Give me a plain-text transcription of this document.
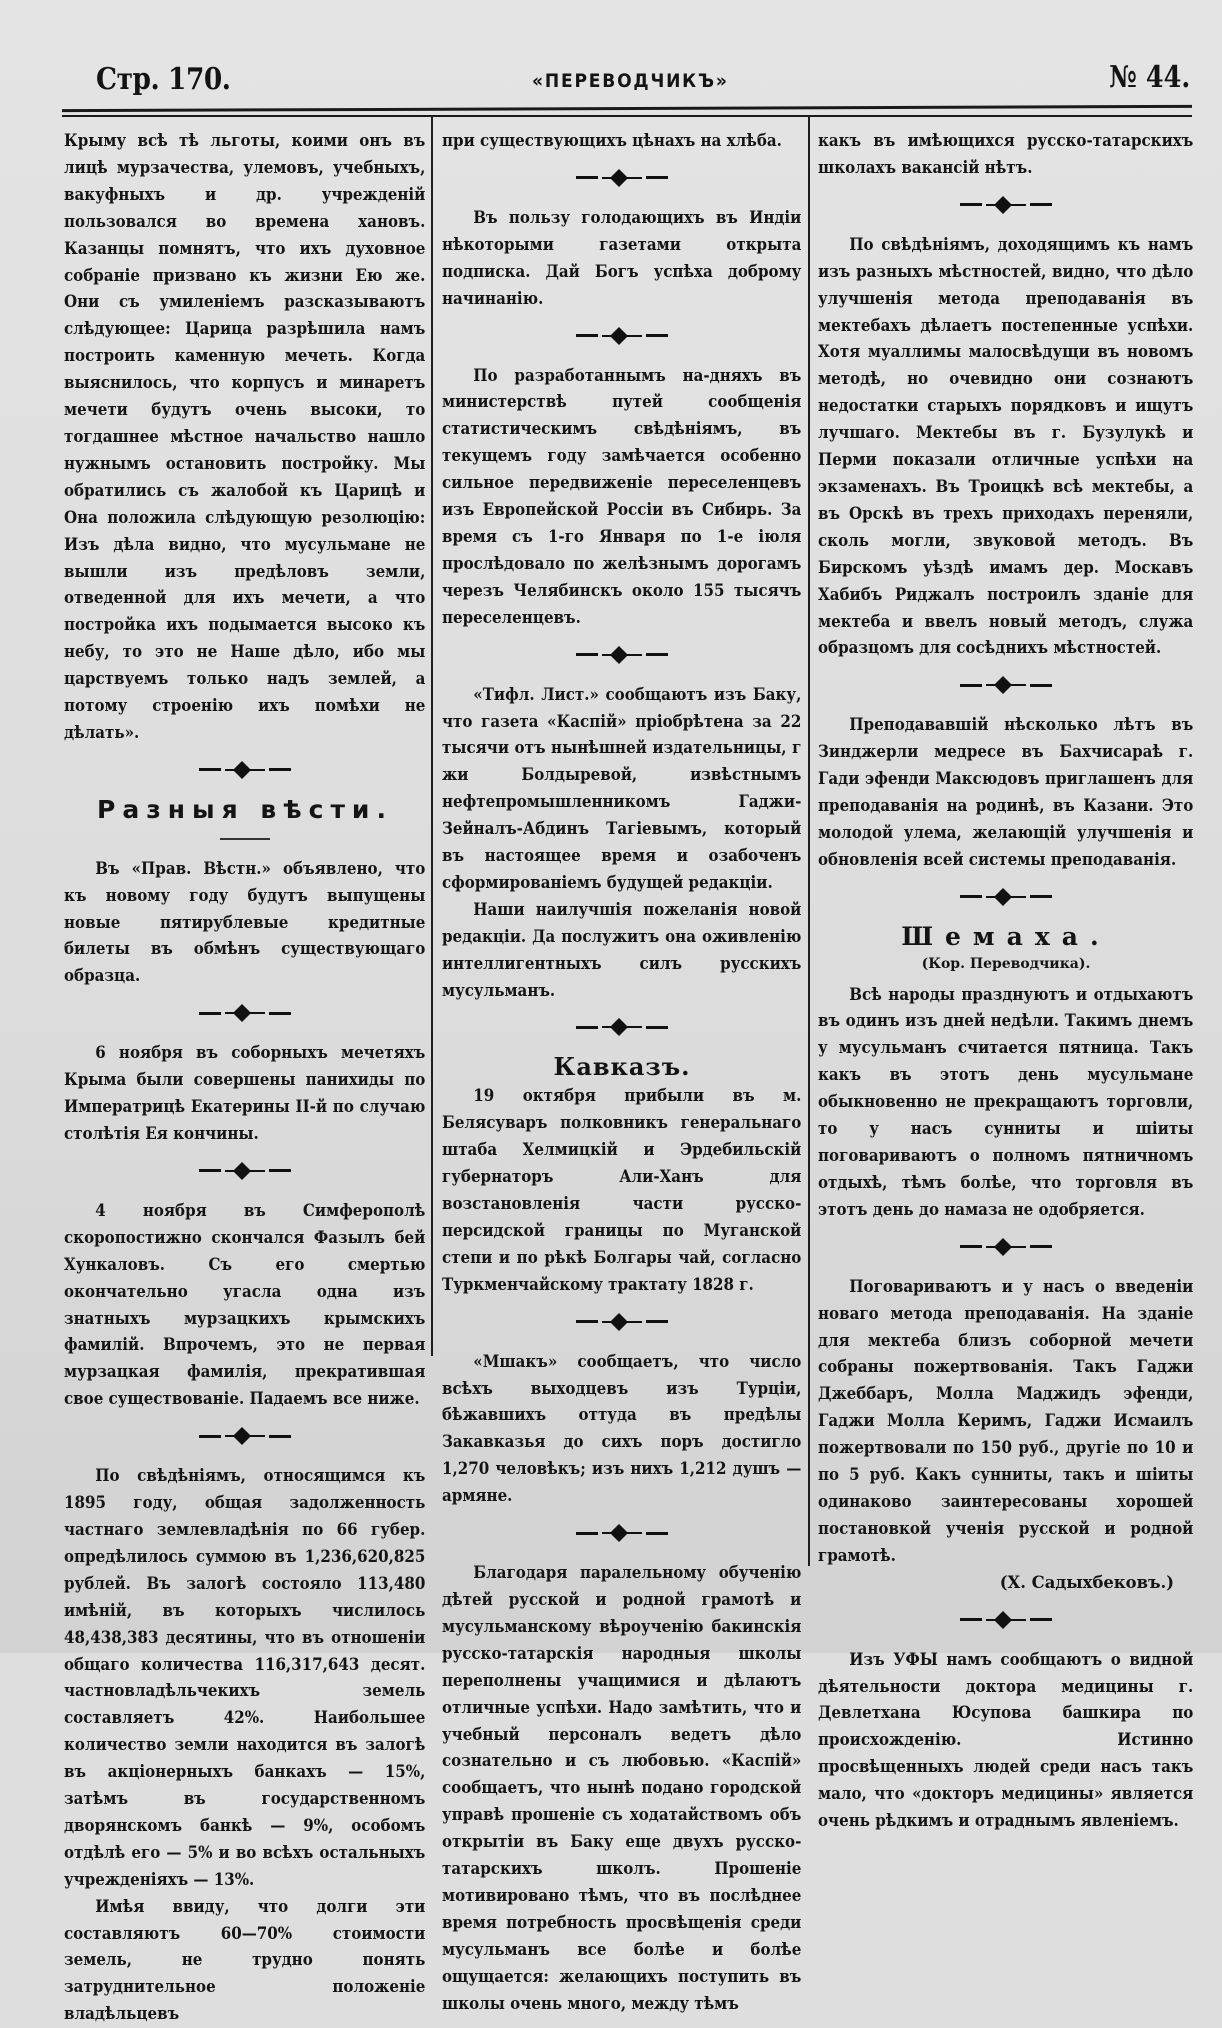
Стр. 170.	«ПЕРЕВОДЧИКЪ»	№ 44.

Крыму всѣ тѣ льготы, коими онъ въ лицѣ мурзачества, улемовъ, учебныхъ, вакуфныхъ и др. учрежденій пользовался во времена хановъ. Казанцы помнятъ, что ихъ духовное собраніе призвано къ жизни Ею же. Они съ умиленіемъ разсказываютъ слѣдующее: Царица разрѣшила намъ построить каменную мечеть. Когда выяснилось, что корпусъ и минаретъ мечети будутъ очень высоки, то тогдашнее мѣстное начальство нашло нужнымъ остановить постройку. Мы обратились съ жалобой къ Царицѣ и Она положила слѣдующую резолюцію: Изъ дѣла видно, что мусульмане не вышли изъ предѣловъ земли, отведенной для ихъ мечети, а что постройка ихъ подымается высоко къ небу, то это не Наше дѣло, ибо мы царствуемъ только надъ землей, а потому строенію ихъ помѣхи не дѣлать».

Разныя вѣсти.

Въ «Прав. Вѣстн.» объявлено, что къ новому году будутъ выпущены новые пятирублевые кредитные билеты въ обмѣнъ существующаго образца.

6 ноября въ соборныхъ мечетяхъ Крыма были совершены панихиды по Императрицѣ Екатерины II-й по случаю столѣтія Ея кончины.

4 ноября въ Симферополѣ скоропостижно скончался Фазылъ бей Хункаловъ. Съ его смертью окончательно угасла одна изъ знатныхъ мурзацкихъ крымскихъ фамилій. Впрочемъ, это не первая мурзацкая фамилія, прекратившая свое существованіе. Падаемъ все ниже.

По свѣдѣніямъ, относящимся къ 1895 году, общая задолженность частнаго землевладѣнія по 66 губер. опредѣлилось суммою въ 1,236,620,825 рублей. Въ залогѣ состояло 113,480 имѣній, въ которыхъ числилось 48,438,383 десятины, что въ отношеніи общаго количества 116,317,643 десят. частновладѣльчекихъ земель составляетъ 42%. Наибольшее количество земли находится въ залогѣ въ акціонерныхъ банкахъ — 15%, затѣмъ въ государственномъ дворянскомъ банкѣ — 9%, особомъ отдѣлѣ его — 5% и во всѣхъ остальныхъ учрежденіяхъ — 13%.

Имѣя ввиду, что долги эти составляютъ 60—70% стоимости земель, не трудно понять затруднительное положеніе владѣльцевъ

при существующихъ цѣнахъ на хлѣба.

Въ пользу голодающихъ въ Индіи нѣкоторыми газетами открыта подписка. Дай Богъ успѣха доброму начинанію.

По разработаннымъ на-дняхъ въ министерствѣ путей сообщенія статистическимъ свѣдѣніямъ, въ текущемъ году замѣчается особенно сильное передвиженіе переселенцевъ изъ Европейской Россіи въ Сибирь. За время съ 1-го Января по 1-е іюля прослѣдовало по желѣзнымъ дорогамъ черезъ Челябинскъ около 155 тысячъ переселенцевъ.

«Тифл. Лист.» сообщаютъ изъ Баку, что газета «Каспій» пріобрѣтена за 22 тысячи отъ нынѣшней издательницы, г жи Болдыревой, извѣстнымъ нефтепромышленникомъ Гаджи-Зейналъ-Абдинъ Тагіевымъ, который въ настоящее время и озабоченъ сформированіемъ будущей редакціи.

Наши наилучшія пожеланія новой редакціи. Да послужитъ она оживленію интеллигентныхъ силъ русскихъ мусульманъ.

Кавказъ.

19 октября прибыли въ м. Белясуваръ полковникъ генеральнаго штаба Хелмицкій и Эрдебильскій губернаторъ Али-Ханъ для возстановленія части русско-персидской границы по Муганской степи и по рѣкѣ Болгары чай, согласно Туркменчайскому трактату 1828 г.

«Мшакъ» сообщаетъ, что число всѣхъ выходцевъ изъ Турціи, бѣжавшихъ оттуда въ предѣлы Закавказья до сихъ поръ достигло 1,270 человѣкъ; изъ нихъ 1,212 душъ — армяне.

Благодаря паралельному обученію дѣтей русской и родной грамотѣ и мусульманскому вѣроученію бакинскія русско-татарскія народныя школы переполнены учащимися и дѣлаютъ отличные успѣхи. Надо замѣтить, что и учебный персоналъ ведетъ дѣло сознательно и съ любовью. «Каспій» сообщаетъ, что нынѣ подано городской управѣ прошеніе съ ходатайствомъ объ открытіи въ Баку еще двухъ русско-татарскихъ школъ. Прошеніе мотивировано тѣмъ, что въ послѣднее время потребность просвѣщенія среди мусульманъ все болѣе и болѣе ощущается: желающихъ поступить въ школы очень много, между тѣмъ

какъ въ имѣющихся русско-татарскихъ школахъ вакансій нѣтъ.

По свѣдѣніямъ, доходящимъ къ намъ изъ разныхъ мѣстностей, видно, что дѣло улучшенія метода преподаванія въ мектебахъ дѣлаетъ постепенные успѣхи. Хотя муаллимы малосвѣдущи въ новомъ методѣ, но очевидно они сознаютъ недостатки старыхъ порядковъ и ищутъ лучшаго. Мектебы въ г. Бузулукѣ и Перми показали отличные успѣхи на экзаменахъ. Въ Троицкѣ всѣ мектебы, а въ Орскѣ въ трехъ приходахъ переняли, сколь могли, звуковой методъ. Въ Бирскомъ уѣздѣ имамъ дер. Москавъ Хабибъ Риджалъ построилъ зданіе для мектеба и ввелъ новый методъ, служа образцомъ для сосѣднихъ мѣстностей.

Преподававшій нѣсколько лѣтъ въ Зинджерли медресе въ Бахчисараѣ г. Гади эфенди Максюдовъ приглашенъ для преподаванія на родинѣ, въ Казани. Это молодой улема, желающій улучшенія и обновленія всей системы преподаванія.

Шемаха.
(Кор. Переводчика).

Всѣ народы празднуютъ и отдыхаютъ въ одинъ изъ дней недѣли. Такимъ днемъ у мусульманъ считается пятница. Такъ какъ въ этотъ день мусульмане обыкновенно не прекращаютъ торговли, то у насъ сунниты и шіиты поговариваютъ о полномъ пятничномъ отдыхѣ, тѣмъ болѣе, что торговля въ этотъ день до намаза не одобряется.

Поговариваютъ и у насъ о введеніи новаго метода преподаванія. На зданіе для мектеба близъ соборной мечети собраны пожертвованія. Такъ Гаджи Джеббаръ, Молла Маджидъ эфенди, Гаджи Молла Керимъ, Гаджи Исмаилъ пожертвовали по 150 руб., другіе по 10 и по 5 руб. Какъ сунниты, такъ и шіиты одинаково заинтересованы хорошей постановкой ученія русской и родной грамотѣ.

(Х. Садыхбековъ.)

Изъ УФЫ намъ сообщаютъ о видной дѣятельности доктора медицины г. Девлетхана Юсупова башкира по происхожденію. Истинно просвѣщенныхъ людей среди насъ такъ мало, что «докторъ медицины» является очень рѣдкимъ и отраднымъ явленіемъ.
